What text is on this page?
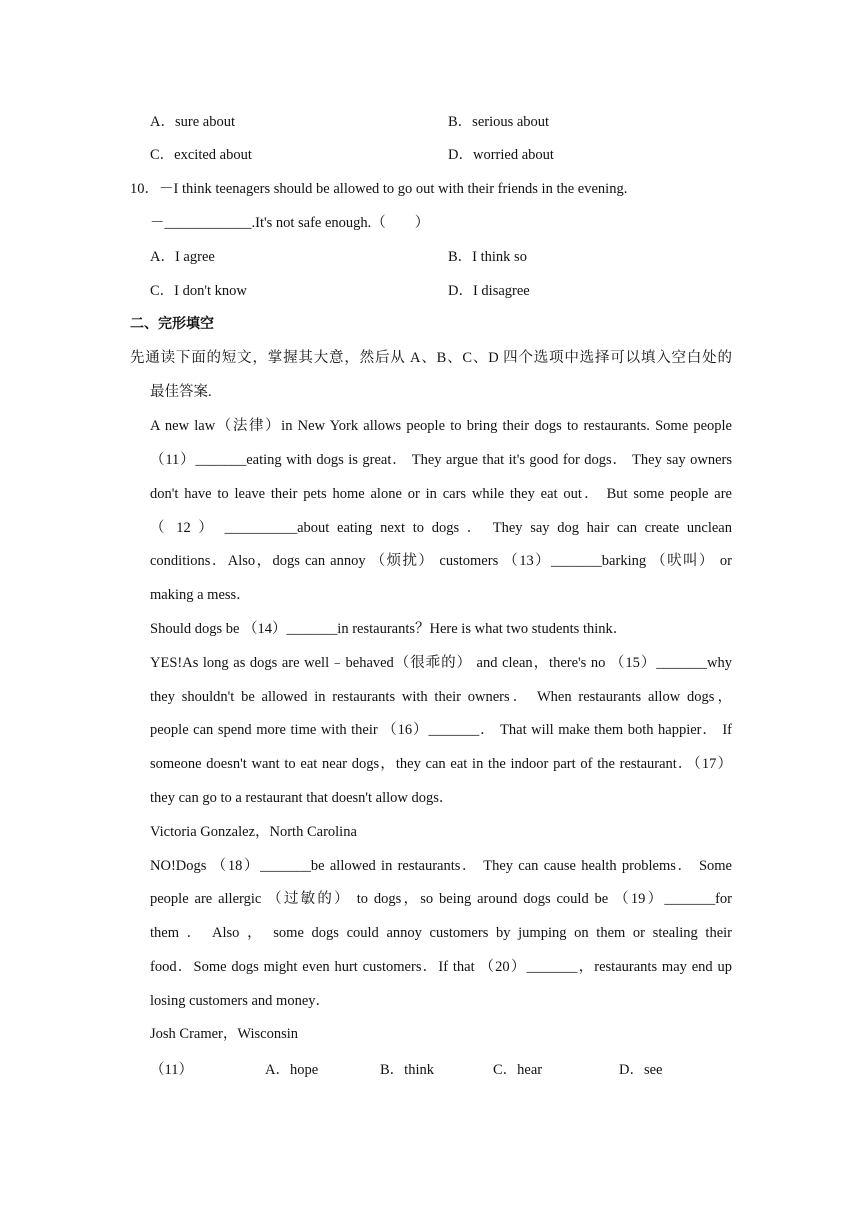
A．sure about	B．serious about
C．excited about	D．worried about
10．－I think teenagers should be allowed to go out with their friends in the evening.
－____________.It's not safe enough.（　　）
A．I agree	B．I think so
C．I don't know	D．I disagree
二、完形填空
先通读下面的短文，掌握其大意，然后从 A、B、C、D 四个选项中选择可以填入空白处的
最佳答案.
A new law（法律）in New York allows people to bring their dogs to restaurants. Some people
（11）_______eating with dogs is great． They argue that it's good for dogs． They say owners
don't have to leave their pets home alone or in cars while they eat out． But some people are
（ 12 ） __________about eating next to dogs ． They say dog hair can create unclean
conditions．Also，dogs can annoy （烦扰） customers （13）_______barking （吠叫） or
making a mess．
Should dogs be （14）_______in restaurants？Here is what two students think．
YES!As long as dogs are well﹣behaved（很乖的） and clean，there's no （15）_______why
they shouldn't be allowed in restaurants with their owners． When restaurants allow dogs，
people can spend more time with their （16）_______． That will make them both happier． If
someone doesn't want to eat near dogs，they can eat in the indoor part of the restaurant．（17）
they can go to a restaurant that doesn't allow dogs．
Victoria Gonzalez，North Carolina
NO!Dogs （18）_______be allowed in restaurants． They can cause health problems． Some
people are allergic （过敏的） to dogs，so being around dogs could be （19）_______for
them ． Also ， some dogs could annoy customers by jumping on them or stealing their
food．Some dogs might even hurt customers．If that （20）_______，restaurants may end up
losing customers and money．
Josh Cramer，Wisconsin
（11）	A．hope	B．think	C．hear	D．see
